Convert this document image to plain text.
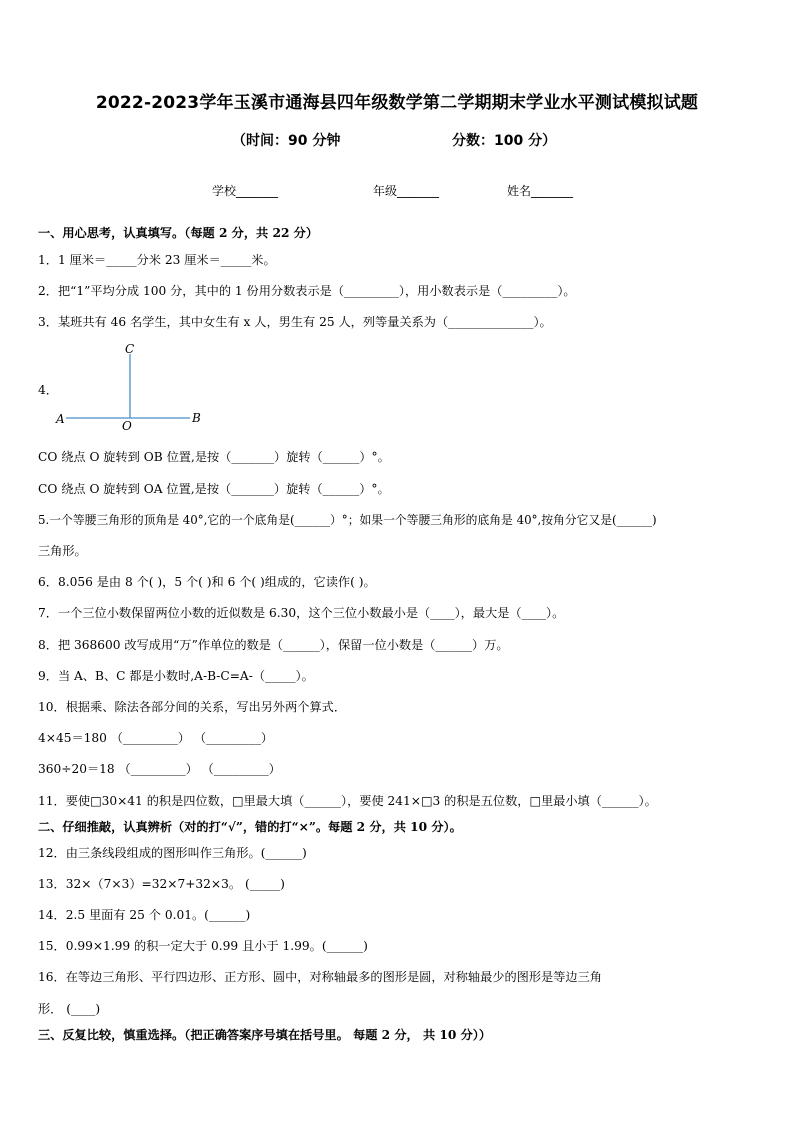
2022-2023学年玉溪市通海县四年级数学第二学期期末学业水平测试模拟试题
（时间：90 分钟	分数：100 分）
学校_______	年级_______	姓名_______
一、用心思考，认真填写。（每题 2 分，共 22 分）
1．1 厘米＝_____分米 23 厘米＝_____米。
2．把“1”平均分成 100 分，其中的 1 份用分数表示是（_________），用小数表示是（_________）。
3．某班共有 46 名学生，其中女生有 x 人，男生有 25 人，列等量关系为（______________）。
4．
C
A	O
B
CO 绕点 O 旋转到 OB 位置,是按（_______）旋转（______）°。
CO 绕点 O 旋转到 OA 位置,是按（_______）旋转（______）°。
5.一个等腰三角形的顶角是 40°,它的一个底角是(______）°；如果一个等腰三角形的底角是 40°,按角分它又是(______)
三角形。
6．8.056 是由 8 个( )，5 个( )和 6 个( )组成的，它读作( )。
7．一个三位小数保留两位小数的近似数是 6.30，这个三位小数最小是（____），最大是（____）。
8．把 368600 改写成用“万”作单位的数是（______），保留一位小数是（______）万。
9．当 A、B、C 都是小数时,A-B-C=A-（_____）。
10．根据乘、除法各部分间的关系，写出另外两个算式．
4×45＝180 （_________） （_________）
360÷20＝18 （_________） （_________）
11．要使□30×41 的积是四位数，□里最大填（______），要使 241×□3 的积是五位数，□里最小填（______）。
二、仔细推敲，认真辨析（对的打“√”，错的打“×”。每题 2 分，共 10 分）。
12．由三条线段组成的图形叫作三角形。(______)
13．32×（7×3）=32×7+32×3。 (_____)
14．2.5 里面有 25 个 0.01。(______)
15．0.99×1.99 的积一定大于 0.99 且小于 1.99。(______)
16．在等边三角形、平行四边形、正方形、圆中，对称轴最多的图形是圆，对称轴最少的图形是等边三角
形． (____)
三、反复比较，慎重选择。（把正确答案序号填在括号里。 每题 2 分， 共 10 分））
